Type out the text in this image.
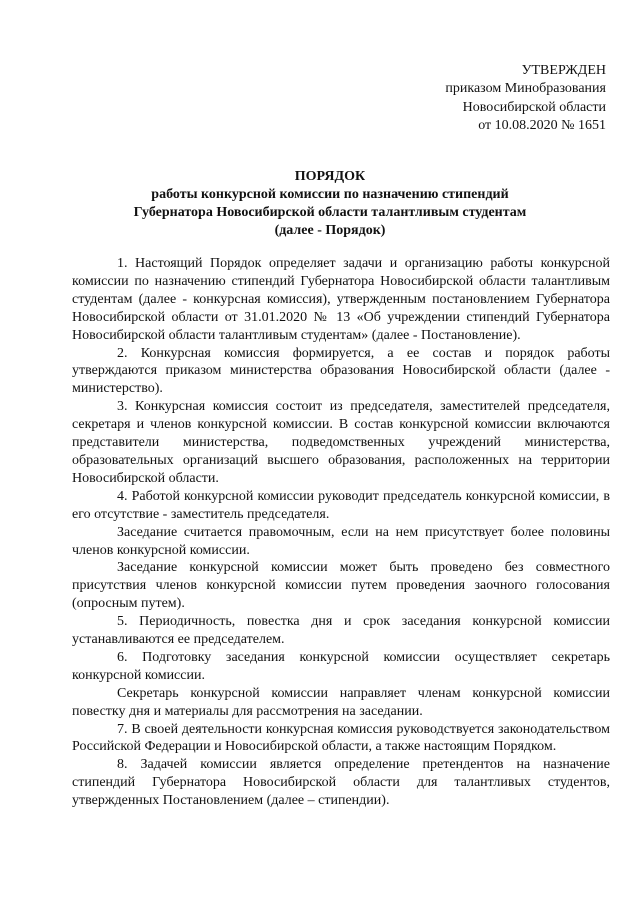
УТВЕРЖДЕН
приказом Минобразования
Новосибирской области
от 10.08.2020 № 1651
ПОРЯДОК
работы конкурсной комиссии по назначению стипендий
Губернатора Новосибирской области талантливым студентам
(далее - Порядок)

1. Настоящий Порядок определяет задачи и организацию работы конкурсной комиссии по назначению стипендий Губернатора Новосибирской области талантливым студентам (далее - конкурсная комиссия), утвержденным постановлением Губернатора Новосибирской области от 31.01.2020 № 13 «Об учреждении стипендий Губернатора Новосибирской области талантливым студентам» (далее - Постановление).

2. Конкурсная комиссия формируется, а ее состав и порядок работы утверждаются приказом министерства образования Новосибирской области (далее - министерство).

3. Конкурсная комиссия состоит из председателя, заместителей председателя, секретаря и членов конкурсной комиссии. В состав конкурсной комиссии включаются представители министерства, подведомственных учреждений министерства, образовательных организаций высшего образования, расположенных на территории Новосибирской области.

4. Работой конкурсной комиссии руководит председатель конкурсной комиссии, в его отсутствие - заместитель председателя.

Заседание считается правомочным, если на нем присутствует более половины членов конкурсной комиссии.

Заседание конкурсной комиссии может быть проведено без совместного присутствия членов конкурсной комиссии путем проведения заочного голосования (опросным путем).

5. Периодичность, повестка дня и срок заседания конкурсной комиссии устанавливаются ее председателем.

6. Подготовку заседания конкурсной комиссии осуществляет секретарь конкурсной комиссии.

Секретарь конкурсной комиссии направляет членам конкурсной комиссии повестку дня и материалы для рассмотрения на заседании.

7. В своей деятельности конкурсная комиссия руководствуется законодательством Российской Федерации и Новосибирской области, а также настоящим Порядком.

8. Задачей комиссии является определение претендентов на назначение стипендий Губернатора Новосибирской области для талантливых студентов, утвержденных Постановлением (далее – стипендии).
